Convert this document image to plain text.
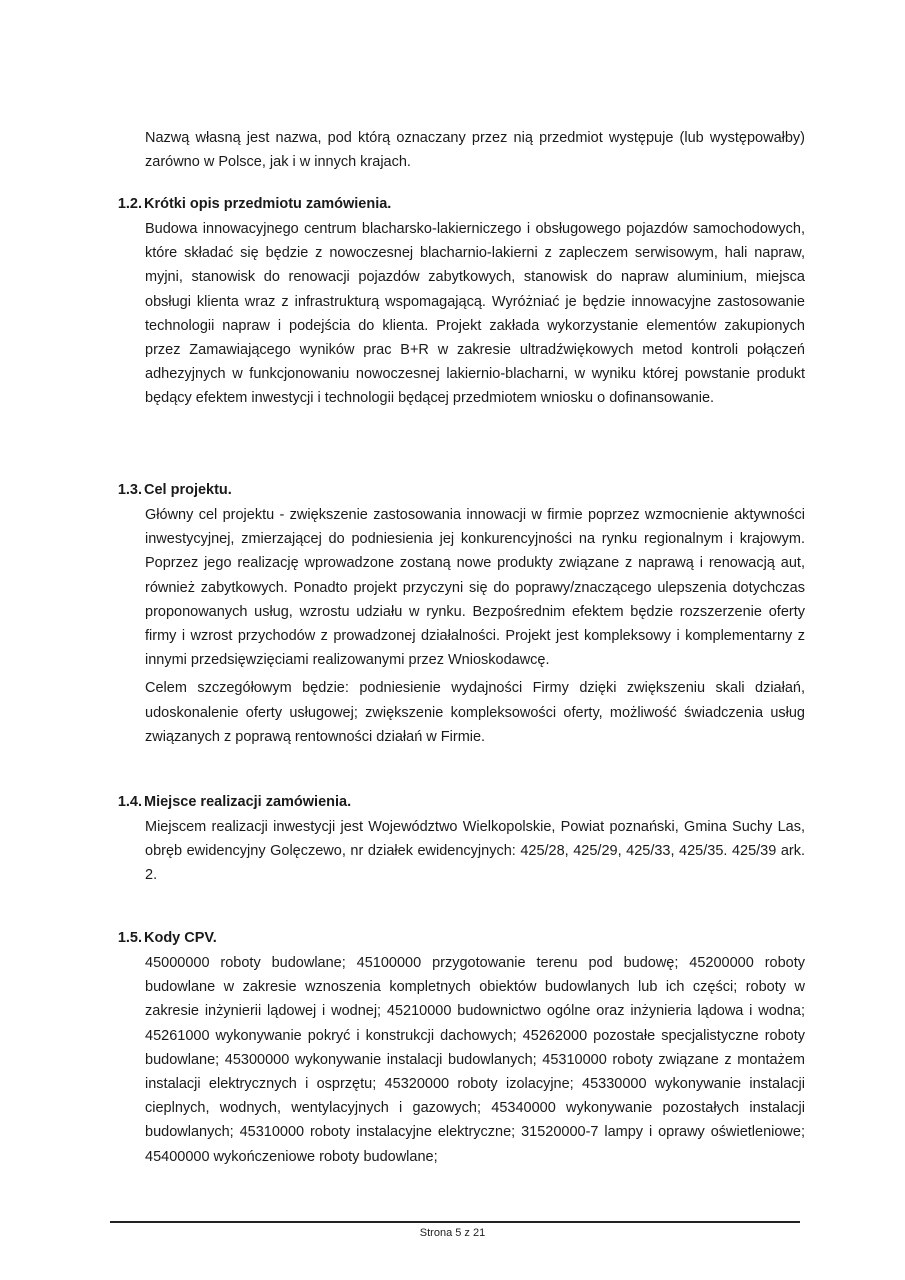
Nazwą własną jest nazwa, pod którą oznaczany przez nią przedmiot występuje (lub występowałby) zarówno w Polsce, jak i w innych krajach.

1.2. Krótki opis przedmiotu zamówienia.

Budowa innowacyjnego centrum blacharsko-lakierniczego i obsługowego pojazdów samochodowych, które składać się będzie z nowoczesnej blacharnio-lakierni z zapleczem serwisowym, hali napraw, myjni, stanowisk do renowacji pojazdów zabytkowych, stanowisk do napraw aluminium, miejsca obsługi klienta wraz z infrastrukturą wspomagającą. Wyróżniać je będzie innowacyjne zastosowanie technologii napraw i podejścia do klienta. Projekt zakłada wykorzystanie elementów zakupionych przez Zamawiającego wyników prac B+R w zakresie ultradźwiękowych metod kontroli połączeń adhezyjnych w funkcjonowaniu nowoczesnej lakiernio-blacharni, w wyniku której powstanie produkt będący efektem inwestycji i technologii będącej przedmiotem wniosku o dofinansowanie.

1.3. Cel projektu.

Główny cel projektu - zwiększenie zastosowania innowacji w firmie poprzez wzmocnienie aktywności inwestycyjnej, zmierzającej do podniesienia jej konkurencyjności na rynku regionalnym i krajowym. Poprzez jego realizację wprowadzone zostaną nowe produkty związane z naprawą i renowacją aut, również zabytkowych. Ponadto projekt przyczyni się do poprawy/znaczącego ulepszenia dotychczas proponowanych usług, wzrostu udziału w rynku. Bezpośrednim efektem będzie rozszerzenie oferty firmy i wzrost przychodów z prowadzonej działalności. Projekt jest kompleksowy i komplementarny z innymi przedsięwzięciami realizowanymi przez Wnioskodawcę.

Celem szczegółowym będzie: podniesienie wydajności Firmy dzięki zwiększeniu skali działań, udoskonalenie oferty usługowej; zwiększenie kompleksowości oferty, możliwość świadczenia usług związanych z poprawą rentowności działań w Firmie.

1.4. Miejsce realizacji zamówienia.

Miejscem realizacji inwestycji jest Województwo Wielkopolskie, Powiat poznański, Gmina Suchy Las, obręb ewidencyjny Golęczewo, nr działek ewidencyjnych: 425/28, 425/29, 425/33, 425/35. 425/39 ark. 2.

1.5. Kody CPV.

45000000 roboty budowlane; 45100000 przygotowanie terenu pod budowę; 45200000 roboty budowlane w zakresie wznoszenia kompletnych obiektów budowlanych lub ich części; roboty w zakresie inżynierii lądowej i wodnej; 45210000 budownictwo ogólne oraz inżynieria lądowa i wodna; 45261000 wykonywanie pokryć i konstrukcji dachowych; 45262000 pozostałe specjalistyczne roboty budowlane; 45300000 wykonywanie instalacji budowlanych; 45310000 roboty związane z montażem instalacji elektrycznych i osprzętu; 45320000 roboty izolacyjne; 45330000 wykonywanie instalacji cieplnych, wodnych, wentylacyjnych i gazowych; 45340000 wykonywanie pozostałych instalacji budowlanych; 45310000 roboty instalacyjne elektryczne; 31520000-7 lampy i oprawy oświetleniowe; 45400000 wykończeniowe roboty budowlane;

Strona 5 z 21
